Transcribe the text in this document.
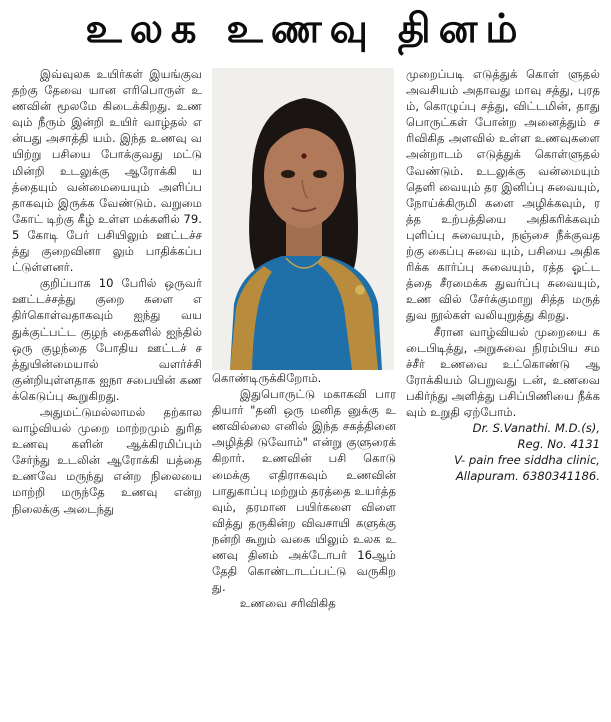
உலக உணவு தினம்

இவ்வுலக உயிர்கள் இயங்குவதற்கு தேவை யான எரிபொருள் உணவின் மூலமே கிடைக்கிறது. உணவும் நீரும் இன்றி உயிர் வாழ்தல் என்பது அசாத்தி யம். இந்த உணவு வயிற்று பசியை போக்குவது மட்டு மின்றி உடலுக்கு ஆரோக்கி யத்தையும் வன்மையையும் அளிப்பதாகவும் இருக்க வேண்டும். வறுமை கோட் டிற்கு கீழ் உள்ள மக்களில் 79.5 கோடி பேர் பசியிலும் ஊட்டச்சத்து குறைவினா லும் பாதிக்கப்பட்டுள்ளனர்.

குறிப்பாக 10 பேரில் ஒருவர் ஊட்டச்சத்து குறை களை எதிர்கொள்வதாகவும் ஐந்து வயதுக்குட்பட்ட குழந் தைகளில் ஐந்தில் ஒரு குழந்தை போதிய ஊட்டச் சத்துயின்மையால் வளர்ச்சி குன்றியுள்ளதாக ஐநா சபையின் கணக்கெடுப்பு கூறுகிறது.

அதுமட்டுமல்லாமல் தற்கால வாழ்வியல் முறை மாற்றமும் துரித உணவு களின் ஆக்கிரமிப்பும் சேர்ந்து உடலின் ஆரோக்கி யத்தை உணவே மருந்து என்ற நிலையை மாற்றி மருந்தே உணவு என்ற நிலைக்கு அடைந்து

கொண்டிருக்கிறோம்.

இதுபொருட்டு மகாகவி பாரதியார் "தனி ஒரு மனித னுக்கு உணவில்லை எனில் இந்த சகத்தினை அழித்தி டுவோம்" என்று குளுரைக் கிறார். உணவின் பசி கொடு மைக்கு எதிராகவும் உணவின் பாதுகாப்பு மற்றும் தரத்தை உயர்த்தவும், தரமான பயிர்களை விளை வித்து தருகின்ற விவசாயி களுக்கு நன்றி கூறும் வகை யிலும் உலக உணவு தினம் அக்டோபர் 16ஆம் தேதி கொண்டாடப்பட்டு வருகிறது.

உணவை சரிவிகித

முறைப்படி எடுத்துக் கொள் ளுதல் அவசியம் அதாவது மாவு சத்து, புரதம், கொழுப்பு சத்து, விட்டமின், தாது பொருட்கள் போன்ற அனைத்தும் சரிவிகித அளவில் உள்ள உணவுகளை அன்றாடம் எடுத்துக் கொள்ளுதல் வேண்டும். உடலுக்கு வன்மையும் தெளி வையும் தர இனிப்பு சுவையும், நோய்க்கிருமி களை அழிக்கவும், ரத்த உற்பத்தியை அதிகரிக்கவும் புளிப்பு சுவையும், நஞ்சை நீக்குவதற்கு கைப்பு சுவை யும், பசியை அதிகரிக்க கார்ப்பு சுவையும், ரத்த ஓட்டத்தை சீரமைக்க துவர்ப்பு சுவையும், உண வில் சேர்க்குமாறு சித்த மருத் துவ நூல்கள் வலியுறுத்து கிறது.

சீரான வாழ்வியல் முறையை கடைபிடித்து, அறுசுவை நிரம்பிய சமச்சீர் உணவை உட்கொண்டு ஆரோக்கியம் பெறுவது டன், உணவை பகிர்ந்து அளித்து பசிப்பிணியை நீக்கவும் உறுதி ஏற்போம்.

Dr. S.Vanathi. M.D.(s),

Reg. No. 4131

V- pain free siddha clinic,

Allapuram. 6380341186.
